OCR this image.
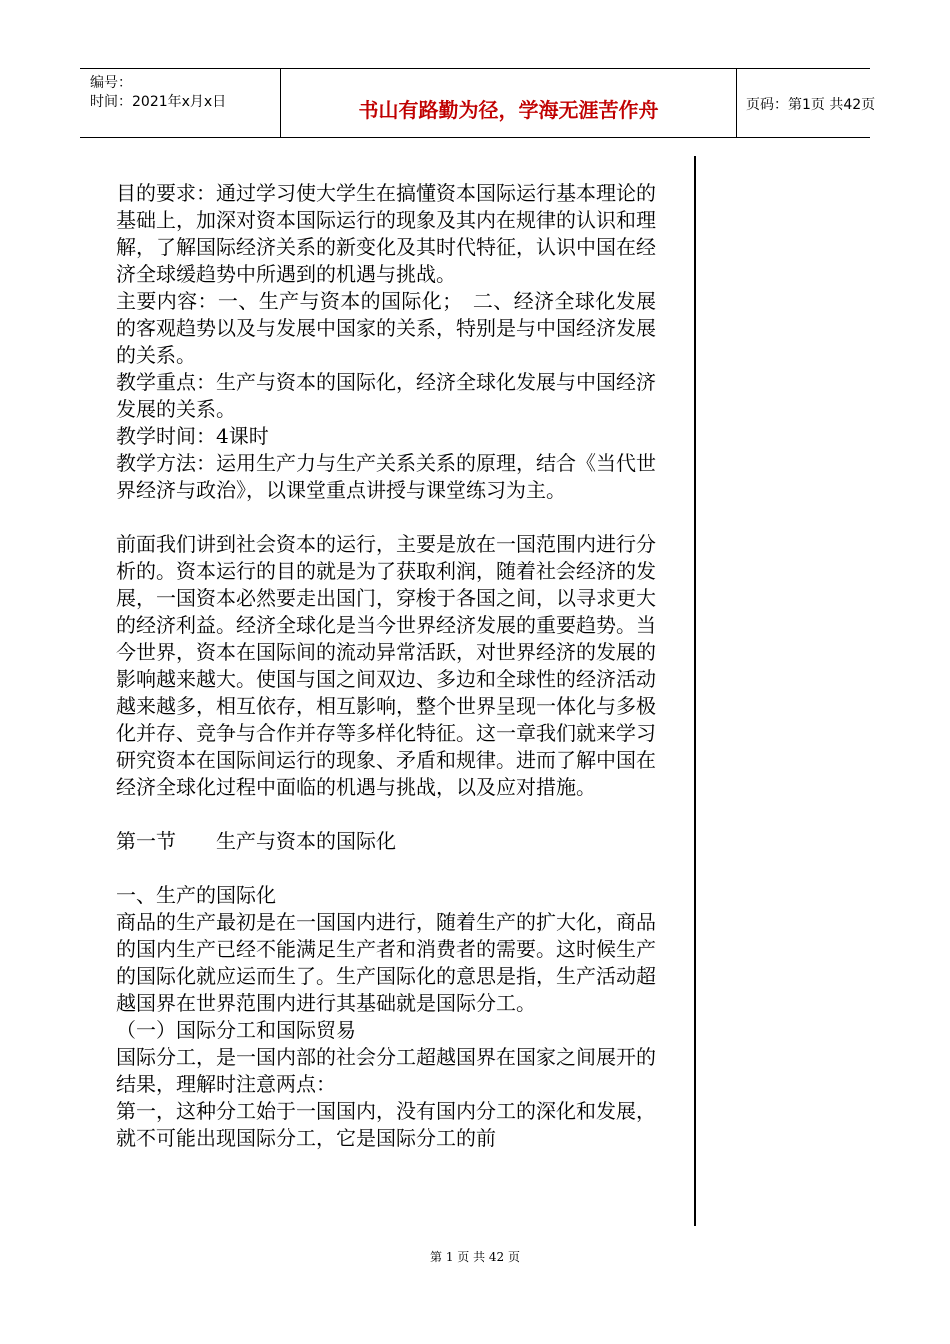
编号：
时间：2021年x月x日	书山有路勤为径，学海无涯苦作舟	页码：第1页 共42页

目的要求：通过学习使大学生在搞懂资本国际运行基本理论的基础上，加深对资本国际运行的现象及其内在规律的认识和理解，了解国际经济关系的新变化及其时代特征，认识中国在经济全球缓趋势中所遇到的机遇与挑战。

主要内容：一、生产与资本的国际化；　二、经济全球化发展的客观趋势以及与发展中国家的关系，特别是与中国经济发展的关系。

教学重点：生产与资本的国际化，经济全球化发展与中国经济发展的关系。

教学时间：4课时

教学方法：运用生产力与生产关系关系的原理，结合《当代世界经济与政治》，以课堂重点讲授与课堂练习为主。

前面我们讲到社会资本的运行，主要是放在一国范围内进行分析的。资本运行的目的就是为了获取利润，随着社会经济的发展，一国资本必然要走出国门，穿梭于各国之间，以寻求更大的经济利益。经济全球化是当今世界经济发展的重要趋势。当今世界，资本在国际间的流动异常活跃，对世界经济的发展的影响越来越大。使国与国之间双边、多边和全球性的经济活动越来越多，相互依存，相互影响，整个世界呈现一体化与多极化并存、竞争与合作并存等多样化特征。这一章我们就来学习研究资本在国际间运行的现象、矛盾和规律。进而了解中国在经济全球化过程中面临的机遇与挑战，以及应对措施。

第一节　　生产与资本的国际化

一、生产的国际化

商品的生产最初是在一国国内进行，随着生产的扩大化，商品的国内生产已经不能满足生产者和消费者的需要。这时候生产的国际化就应运而生了。生产国际化的意思是指，生产活动超越国界在世界范围内进行其基础就是国际分工。

（一）国际分工和国际贸易

国际分工，是一国内部的社会分工超越国界在国家之间展开的结果，理解时注意两点：

第一，这种分工始于一国国内，没有国内分工的深化和发展，就不可能出现国际分工，它是国际分工的前

第 1 页 共 42 页
